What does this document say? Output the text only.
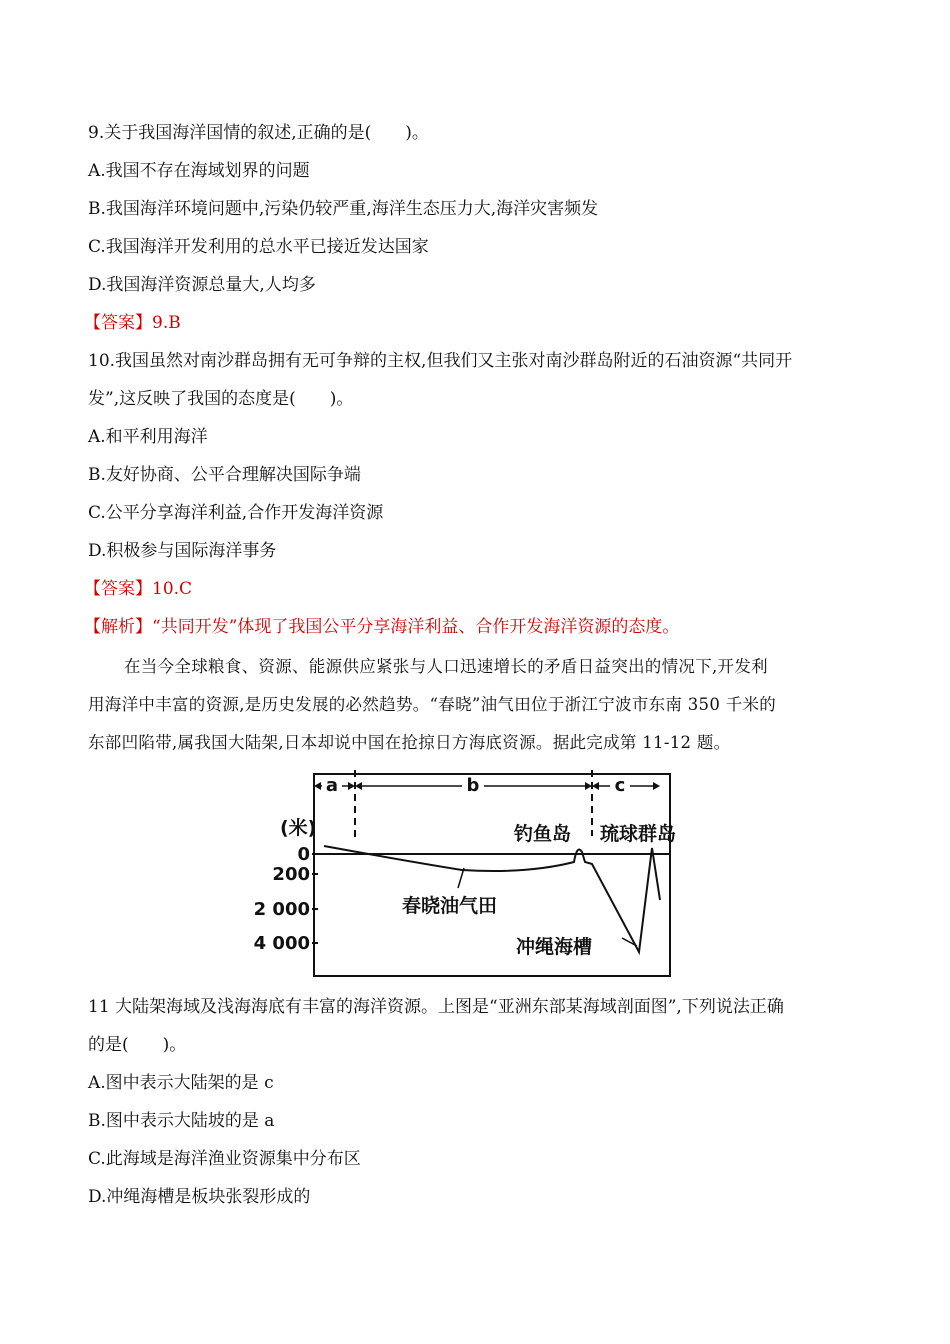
9.关于我国海洋国情的叙述,正确的是(　　)。
A.我国不存在海域划界的问题
B.我国海洋环境问题中,污染仍较严重,海洋生态压力大,海洋灾害频发
C.我国海洋开发利用的总水平已接近发达国家
D.我国海洋资源总量大,人均多
【答案】9.B
10.我国虽然对南沙群岛拥有无可争辩的主权,但我们又主张对南沙群岛附近的石油资源“共同开
发”,这反映了我国的态度是(　　)。
A.和平利用海洋
B.友好协商、公平合理解决国际争端
C.公平分享海洋利益,合作开发海洋资源
D.积极参与国际海洋事务
【答案】10.C
【解析】“共同开发”体现了我国公平分享海洋利益、合作开发海洋资源的态度。
在当今全球粮食、资源、能源供应紧张与人口迅速增长的矛盾日益突出的情况下,开发利
用海洋中丰富的资源,是历史发展的必然趋势。“春晓”油气田位于浙江宁波市东南 350 千米的
东部凹陷带,属我国大陆架,日本却说中国在抢掠日方海底资源。据此完成第 11-12 题。
a	b	c
(米)
0
200
2 000
4 000
钓鱼岛 琉球群岛
春晓油气田
冲绳海槽
11 大陆架海域及浅海海底有丰富的海洋资源。上图是“亚洲东部某海域剖面图”,下列说法正确
的是(　　)。
A.图中表示大陆架的是 c
B.图中表示大陆坡的是 a
C.此海域是海洋渔业资源集中分布区
D.冲绳海槽是板块张裂形成的
